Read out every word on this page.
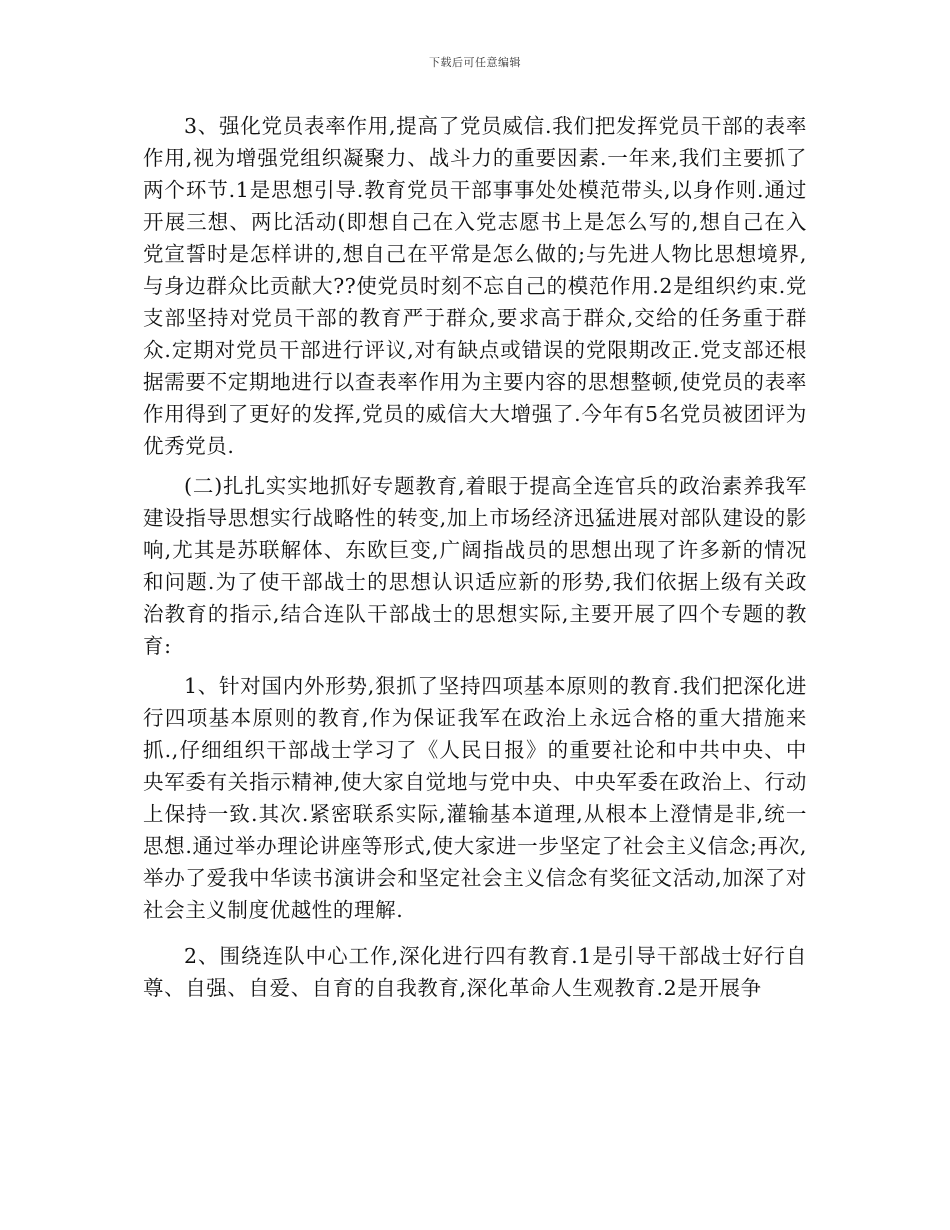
下载后可任意编辑

3、强化党员表率作用,提高了党员威信.我们把发挥党员干部的表率作用,视为增强党组织凝聚力、战斗力的重要因素.一年来,我们主要抓了两个环节.1是思想引导.教育党员干部事事处处模范带头,以身作则.通过开展三想、两比活动(即想自己在入党志愿书上是怎么写的,想自己在入党宣誓时是怎样讲的,想自己在平常是怎么做的;与先进人物比思想境界,与身边群众比贡献大??使党员时刻不忘自己的模范作用.2是组织约束.党支部坚持对党员干部的教育严于群众,要求高于群众,交给的任务重于群众.定期对党员干部进行评议,对有缺点或错误的党限期改正.党支部还根据需要不定期地进行以查表率作用为主要内容的思想整顿,使党员的表率作用得到了更好的发挥,党员的威信大大增强了.今年有5名党员被团评为优秀党员.

(二)扎扎实实地抓好专题教育,着眼于提高全连官兵的政治素养我军建设指导思想实行战略性的转变,加上市场经济迅猛进展对部队建设的影响,尤其是苏联解体、东欧巨变,广阔指战员的思想出现了许多新的情况和问题.为了使干部战士的思想认识适应新的形势,我们依据上级有关政治教育的指示,结合连队干部战士的思想实际,主要开展了四个专题的教育:

1、针对国内外形势,狠抓了坚持四项基本原则的教育.我们把深化进行四项基本原则的教育,作为保证我军在政治上永远合格的重大措施来抓.,仔细组织干部战士学习了《人民日报》的重要社论和中共中央、中央军委有关指示精神,使大家自觉地与党中央、中央军委在政治上、行动上保持一致.其次.紧密联系实际,灌输基本道理,从根本上澄情是非,统一思想.通过举办理论讲座等形式,使大家进一步坚定了社会主义信念;再次,举办了爱我中华读书演讲会和坚定社会主义信念有奖征文活动,加深了对社会主义制度优越性的理解.

2、围绕连队中心工作,深化进行四有教育.1是引导干部战士好行自尊、自强、自爱、自育的自我教育,深化革命人生观教育.2是开展争
